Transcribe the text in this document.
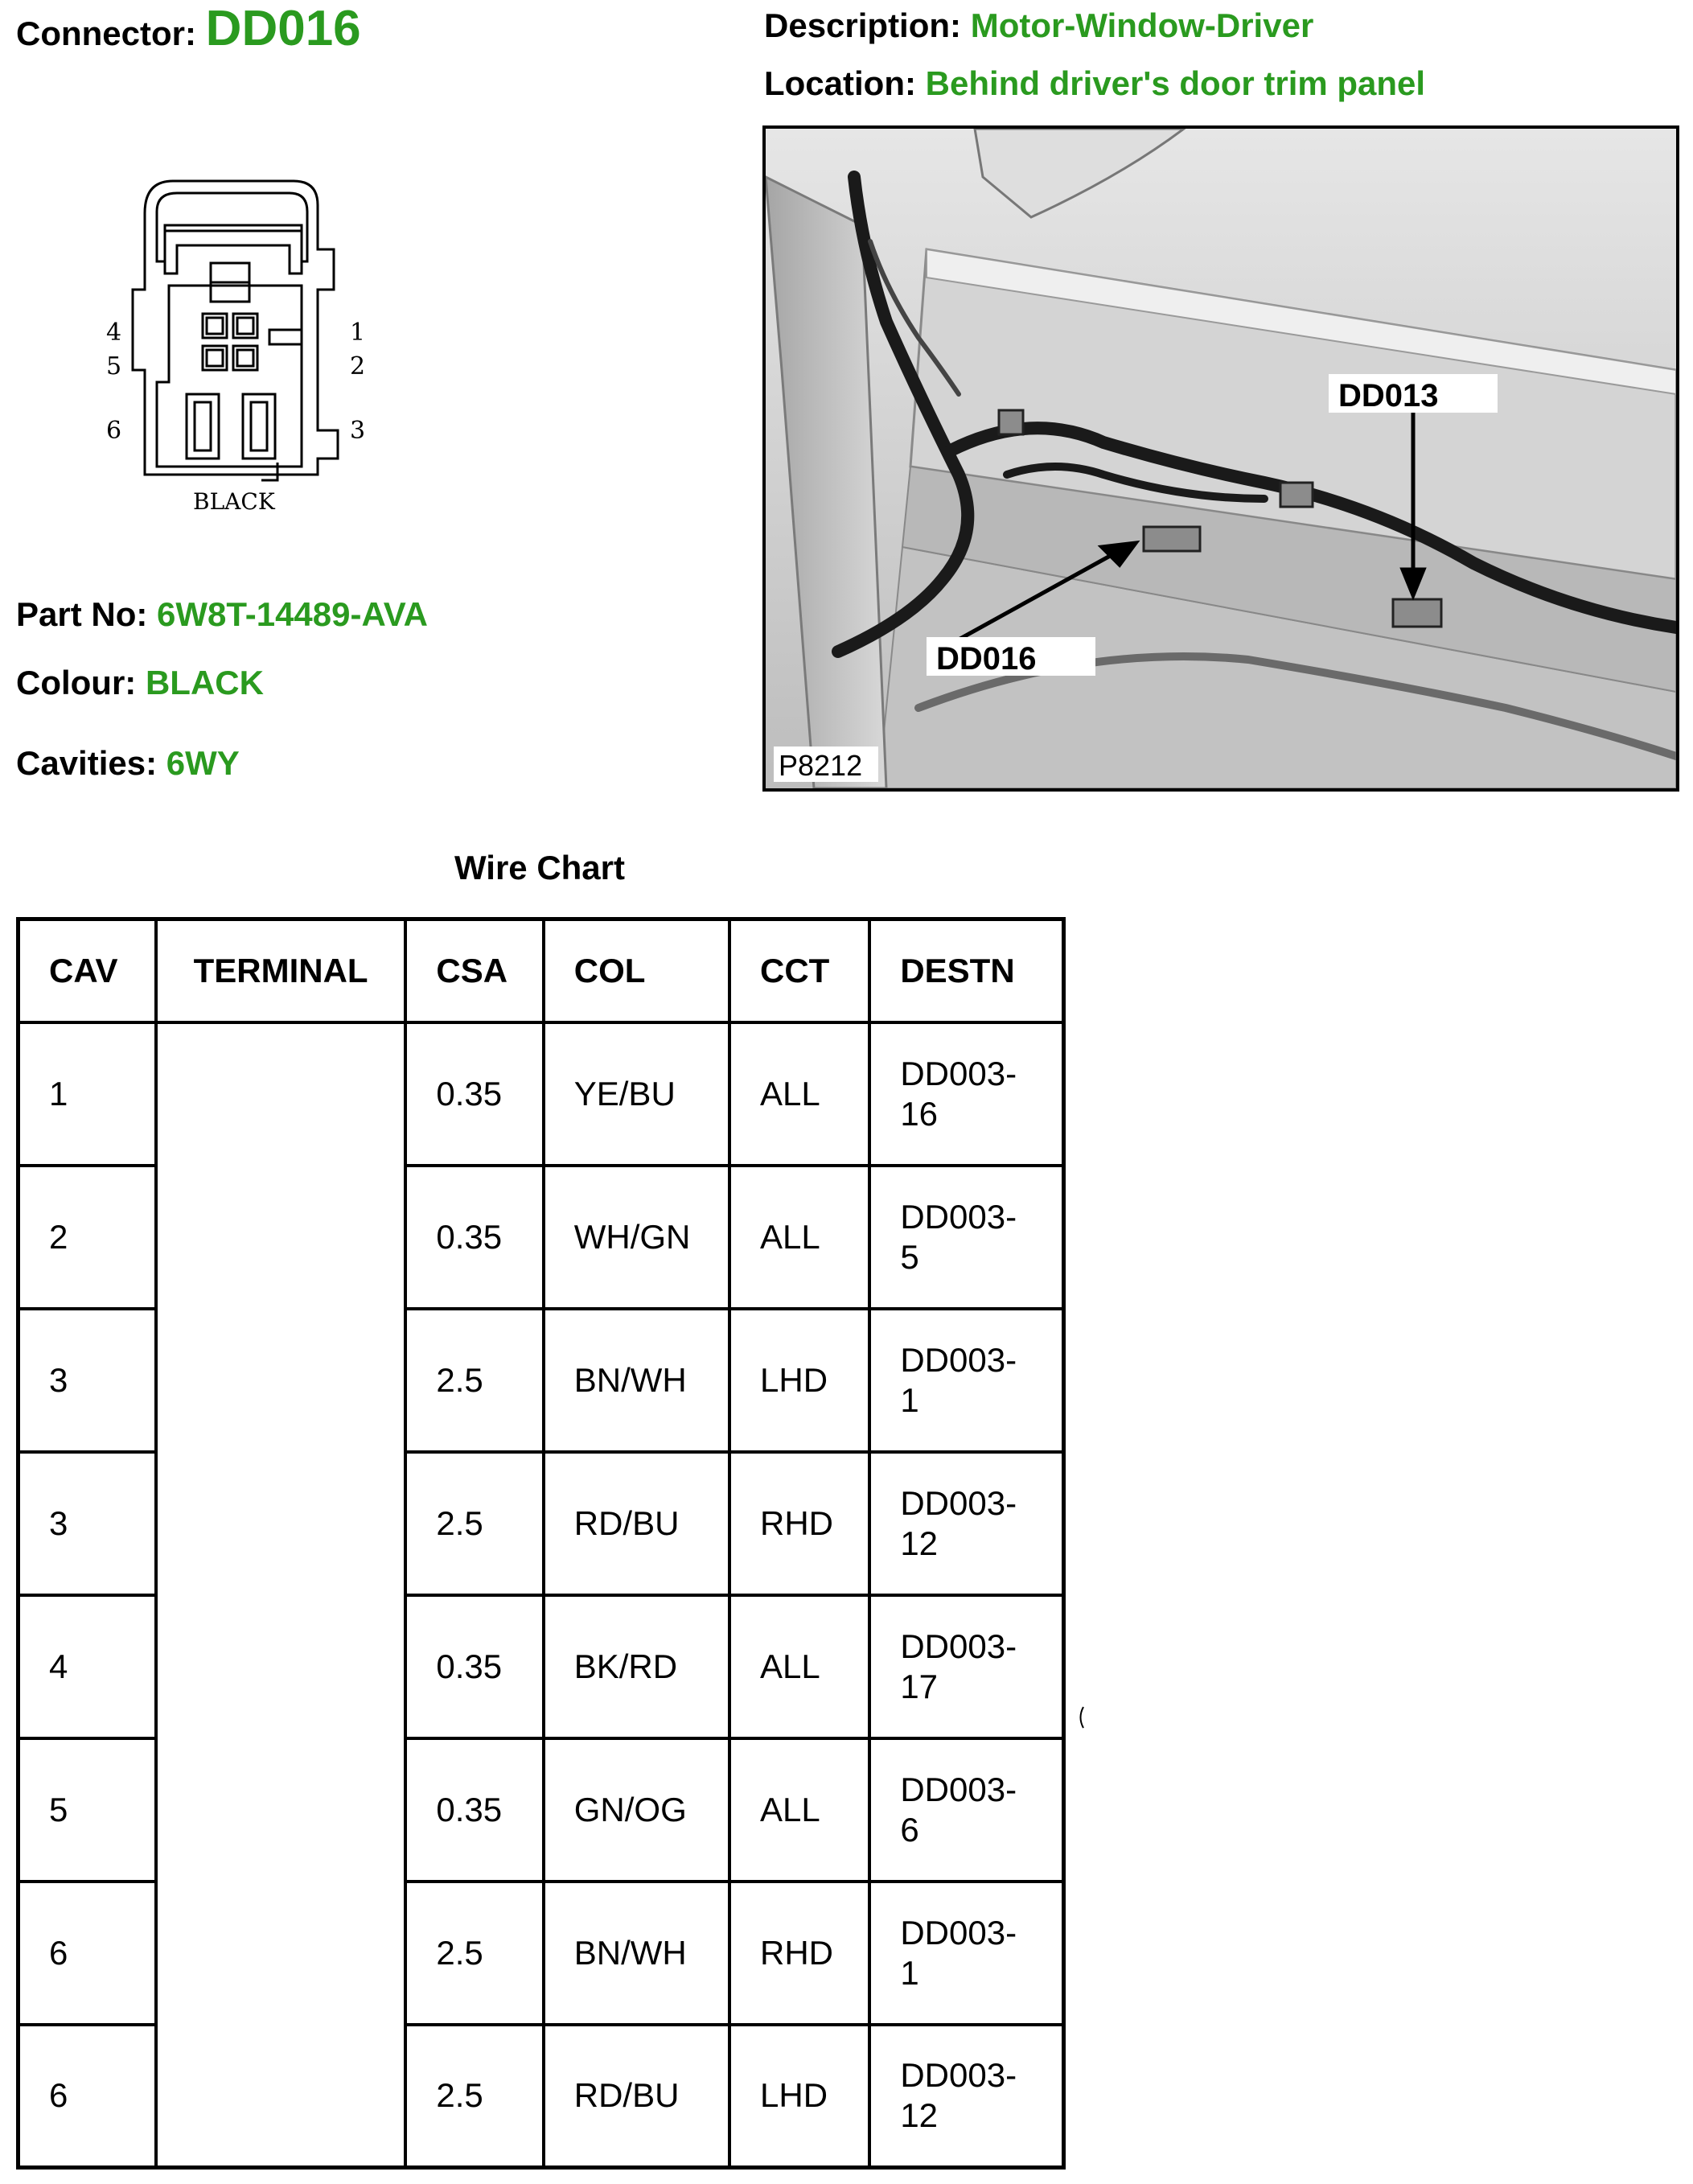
Connector: DD016	Description: Motor-Window-Driver
Location: Behind driver's door trim panel
4
5
6
1
2
3
BLACK
Part No: 6W8T-14489-AVA
Colour: BLACK
Cavities: 6WY
DD013
DD016
P8212
Wire Chart
CAV	TERMINAL	CSA	COL	CCT	DESTN
1		0.35	YE/BU	ALL	DD003-
16
2		0.35	WH/GN	ALL	DD003-
5
3		2.5	BN/WH	LHD	DD003-
1
3		2.5	RD/BU	RHD	DD003-
12
4		0.35	BK/RD	ALL	DD003-
17
5		0.35	GN/OG	ALL	DD003-
6
6		2.5	BN/WH	RHD	DD003-
1
6		2.5	RD/BU	LHD	DD003-
12
